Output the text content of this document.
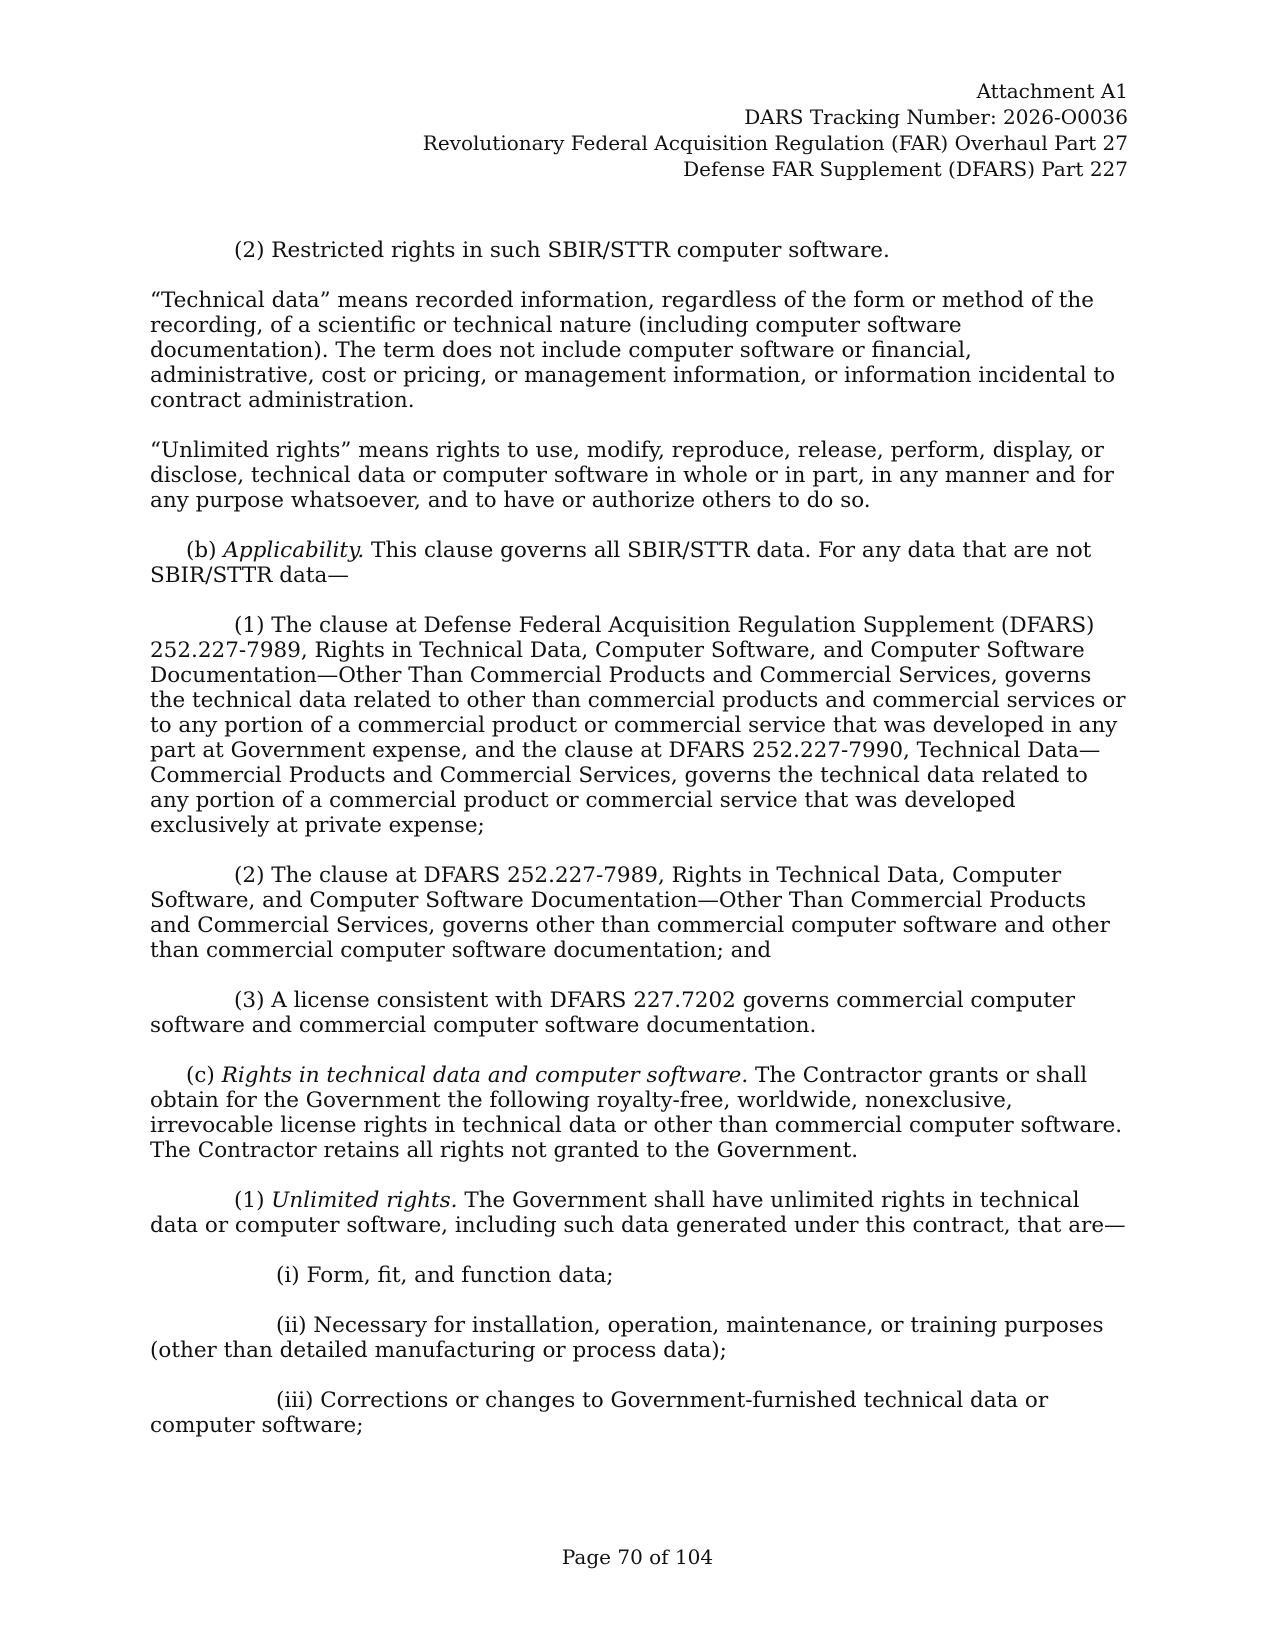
Attachment A1
DARS Tracking Number: 2026-O0036
Revolutionary Federal Acquisition Regulation (FAR) Overhaul Part 27
Defense FAR Supplement (DFARS) Part 227

(2) Restricted rights in such SBIR/STTR computer software.

“Technical data” means recorded information, regardless of the form or method of the recording, of a scientific or technical nature (including computer software documentation). The term does not include computer software or financial, administrative, cost or pricing, or management information, or information incidental to contract administration.

“Unlimited rights” means rights to use, modify, reproduce, release, perform, display, or disclose, technical data or computer software in whole or in part, in any manner and for any purpose whatsoever, and to have or authorize others to do so.

(b) Applicability. This clause governs all SBIR/STTR data. For any data that are not SBIR/STTR data—

(1) The clause at Defense Federal Acquisition Regulation Supplement (DFARS) 252.227-7989, Rights in Technical Data, Computer Software, and Computer Software Documentation—Other Than Commercial Products and Commercial Services, governs the technical data related to other than commercial products and commercial services or to any portion of a commercial product or commercial service that was developed in any part at Government expense, and the clause at DFARS 252.227-7990, Technical Data—Commercial Products and Commercial Services, governs the technical data related to any portion of a commercial product or commercial service that was developed exclusively at private expense;

(2) The clause at DFARS 252.227-7989, Rights in Technical Data, Computer Software, and Computer Software Documentation—Other Than Commercial Products and Commercial Services, governs other than commercial computer software and other than commercial computer software documentation; and

(3) A license consistent with DFARS 227.7202 governs commercial computer software and commercial computer software documentation.

(c) Rights in technical data and computer software. The Contractor grants or shall obtain for the Government the following royalty-free, worldwide, nonexclusive, irrevocable license rights in technical data or other than commercial computer software. The Contractor retains all rights not granted to the Government.

(1) Unlimited rights. The Government shall have unlimited rights in technical data or computer software, including such data generated under this contract, that are—

(i) Form, fit, and function data;

(ii) Necessary for installation, operation, maintenance, or training purposes (other than detailed manufacturing or process data);

(iii) Corrections or changes to Government-furnished technical data or computer software;

Page 70 of 104
